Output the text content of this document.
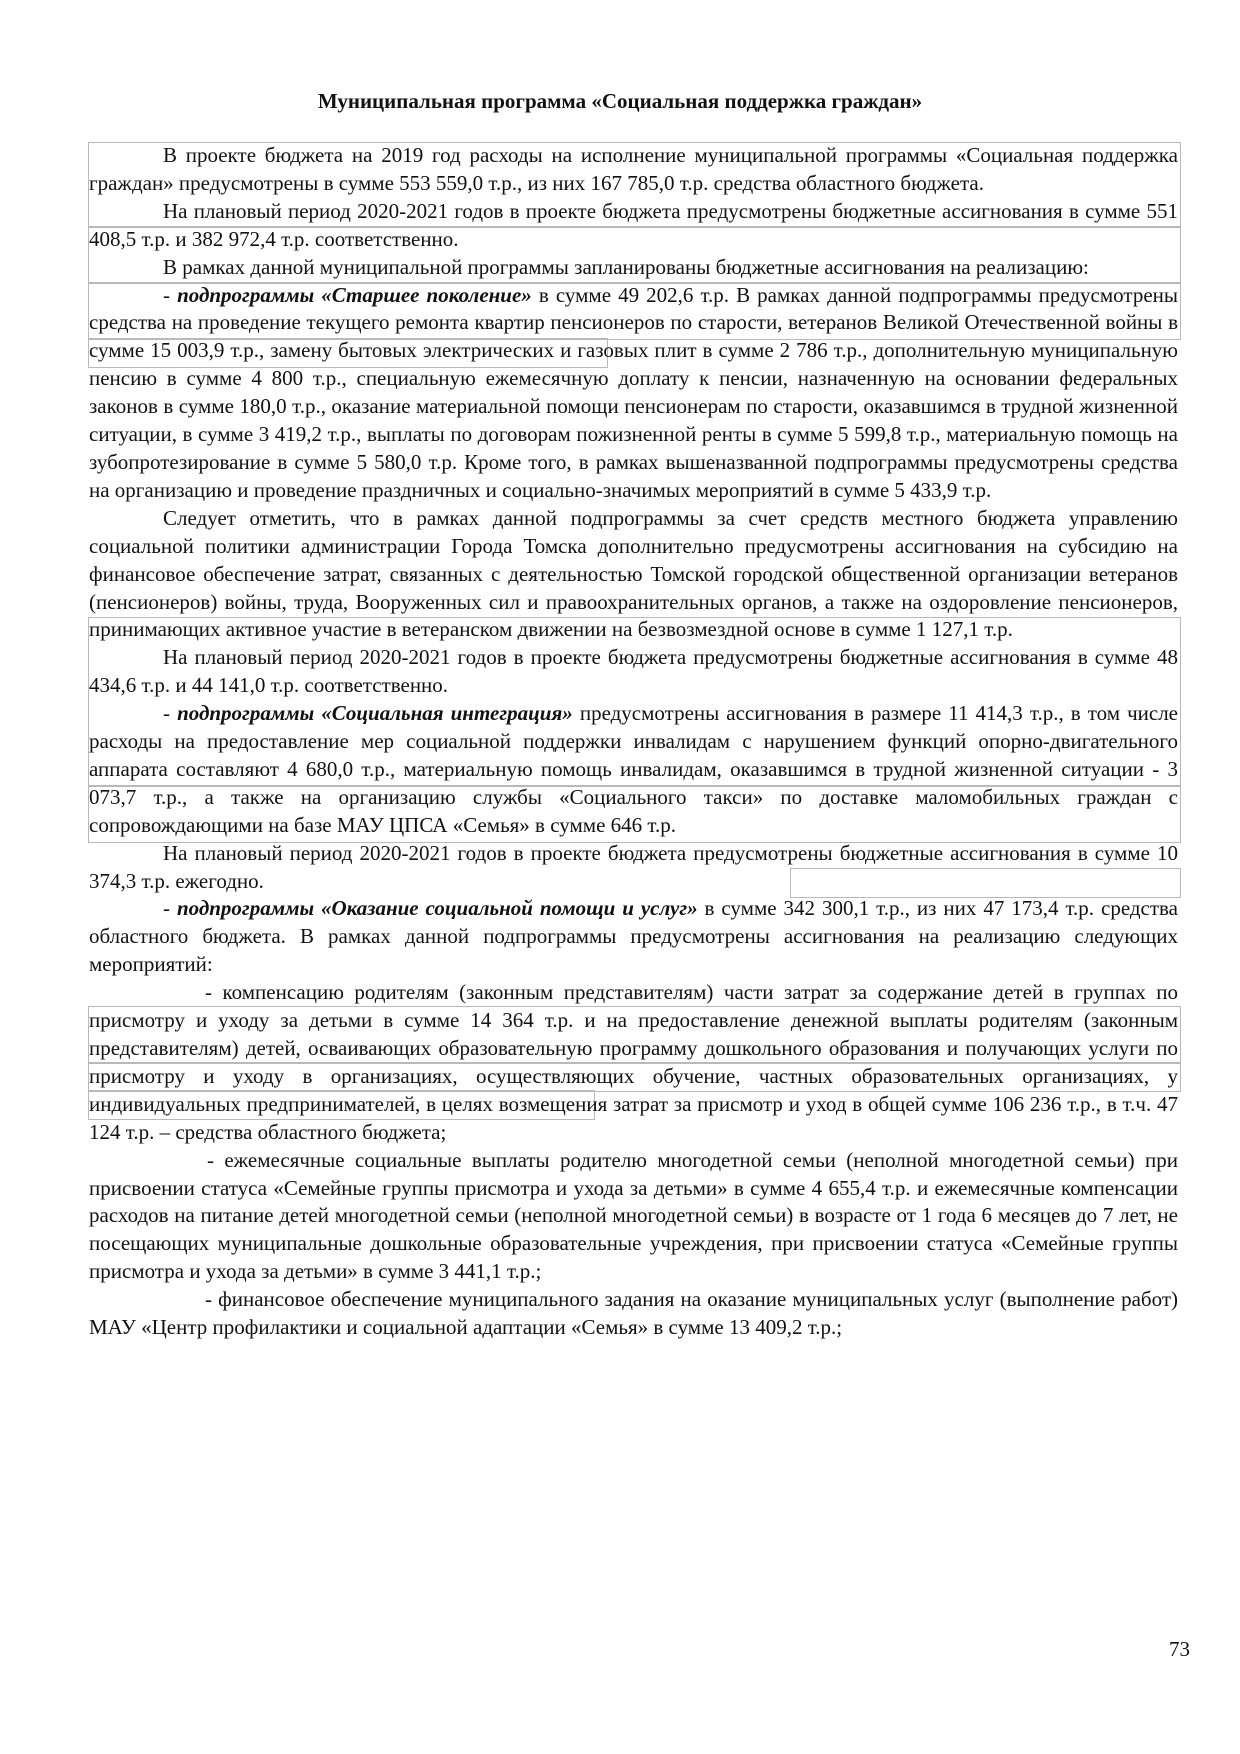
Муниципальная программа «Социальная поддержка граждан»

В проекте бюджета на 2019 год расходы на исполнение муниципальной программы «Социальная поддержка граждан» предусмотрены в сумме 553 559,0 т.р., из них 167 785,0 т.р. средства областного бюджета.

На плановый период 2020-2021 годов в проекте бюджета предусмотрены бюджетные ассигнования в сумме 551 408,5 т.р. и 382 972,4 т.р. соответственно.

В рамках данной муниципальной программы запланированы бюджетные ассигнования на реализацию:

- подпрограммы «Старшее поколение» в сумме 49 202,6 т.р. В рамках данной подпрограммы предусмотрены средства на проведение текущего ремонта квартир пенсионеров по старости, ветеранов Великой Отечественной войны в сумме 15 003,9 т.р., замену бытовых электрических и газовых плит в сумме 2 786 т.р., дополнительную муниципальную пенсию в сумме 4 800 т.р., специальную ежемесячную доплату к пенсии, назначенную на основании федеральных законов в сумме 180,0 т.р., оказание материальной помощи пенсионерам по старости, оказавшимся в трудной жизненной ситуации, в сумме 3 419,2 т.р., выплаты по договорам пожизненной ренты в сумме 5 599,8 т.р., материальную помощь на зубопротезирование в сумме 5 580,0 т.р. Кроме того, в рамках вышеназванной подпрограммы предусмотрены средства на организацию и проведение праздничных и социально-значимых мероприятий в сумме 5 433,9 т.р.

Следует отметить, что в рамках данной подпрограммы за счет средств местного бюджета управлению социальной политики администрации Города Томска дополнительно предусмотрены ассигнования на субсидию на финансовое обеспечение затрат, связанных с деятельностью Томской городской общественной организации ветеранов (пенсионеров) войны, труда, Вооруженных сил и правоохранительных органов, а также на оздоровление пенсионеров, принимающих активное участие в ветеранском движении на безвозмездной основе в сумме 1 127,1 т.р.

На плановый период 2020-2021 годов в проекте бюджета предусмотрены бюджетные ассигнования в сумме 48 434,6 т.р. и 44 141,0 т.р. соответственно.

- подпрограммы «Социальная интеграция» предусмотрены ассигнования в размере 11 414,3 т.р., в том числе расходы на предоставление мер социальной поддержки инвалидам с нарушением функций опорно-двигательного аппарата составляют 4 680,0 т.р., материальную помощь инвалидам, оказавшимся в трудной жизненной ситуации - 3 073,7 т.р., а также на организацию службы «Социального такси» по доставке маломобильных граждан с сопровождающими на базе МАУ ЦПСА «Семья» в сумме 646 т.р.

На плановый период 2020-2021 годов в проекте бюджета предусмотрены бюджетные ассигнования в сумме 10 374,3 т.р. ежегодно.

- подпрограммы «Оказание социальной помощи и услуг» в сумме 342 300,1 т.р., из них 47 173,4 т.р. средства областного бюджета. В рамках данной подпрограммы предусмотрены ассигнования на реализацию следующих мероприятий:

- компенсацию родителям (законным представителям) части затрат за содержание детей в группах по присмотру и уходу за детьми в сумме 14 364 т.р. и на предоставление денежной выплаты родителям (законным представителям) детей, осваивающих образовательную программу дошкольного образования и получающих услуги по присмотру и уходу в организациях, осуществляющих обучение, частных образовательных организациях, у индивидуальных предпринимателей, в целях возмещения затрат за присмотр и уход в общей сумме 106 236 т.р., в т.ч. 47 124 т.р. – средства областного бюджета;

- ежемесячные социальные выплаты родителю многодетной семьи (неполной многодетной семьи) при присвоении статуса «Семейные группы присмотра и ухода за детьми» в сумме 4 655,4 т.р. и ежемесячные компенсации расходов на питание детей многодетной семьи (неполной многодетной семьи) в возрасте от 1 года 6 месяцев до 7 лет, не посещающих муниципальные дошкольные образовательные учреждения, при присвоении статуса «Семейные группы присмотра и ухода за детьми» в сумме 3 441,1 т.р.;

- финансовое обеспечение муниципального задания на оказание муниципальных услуг (выполнение работ) МАУ «Центр профилактики и социальной адаптации «Семья» в сумме 13 409,2 т.р.;

73
